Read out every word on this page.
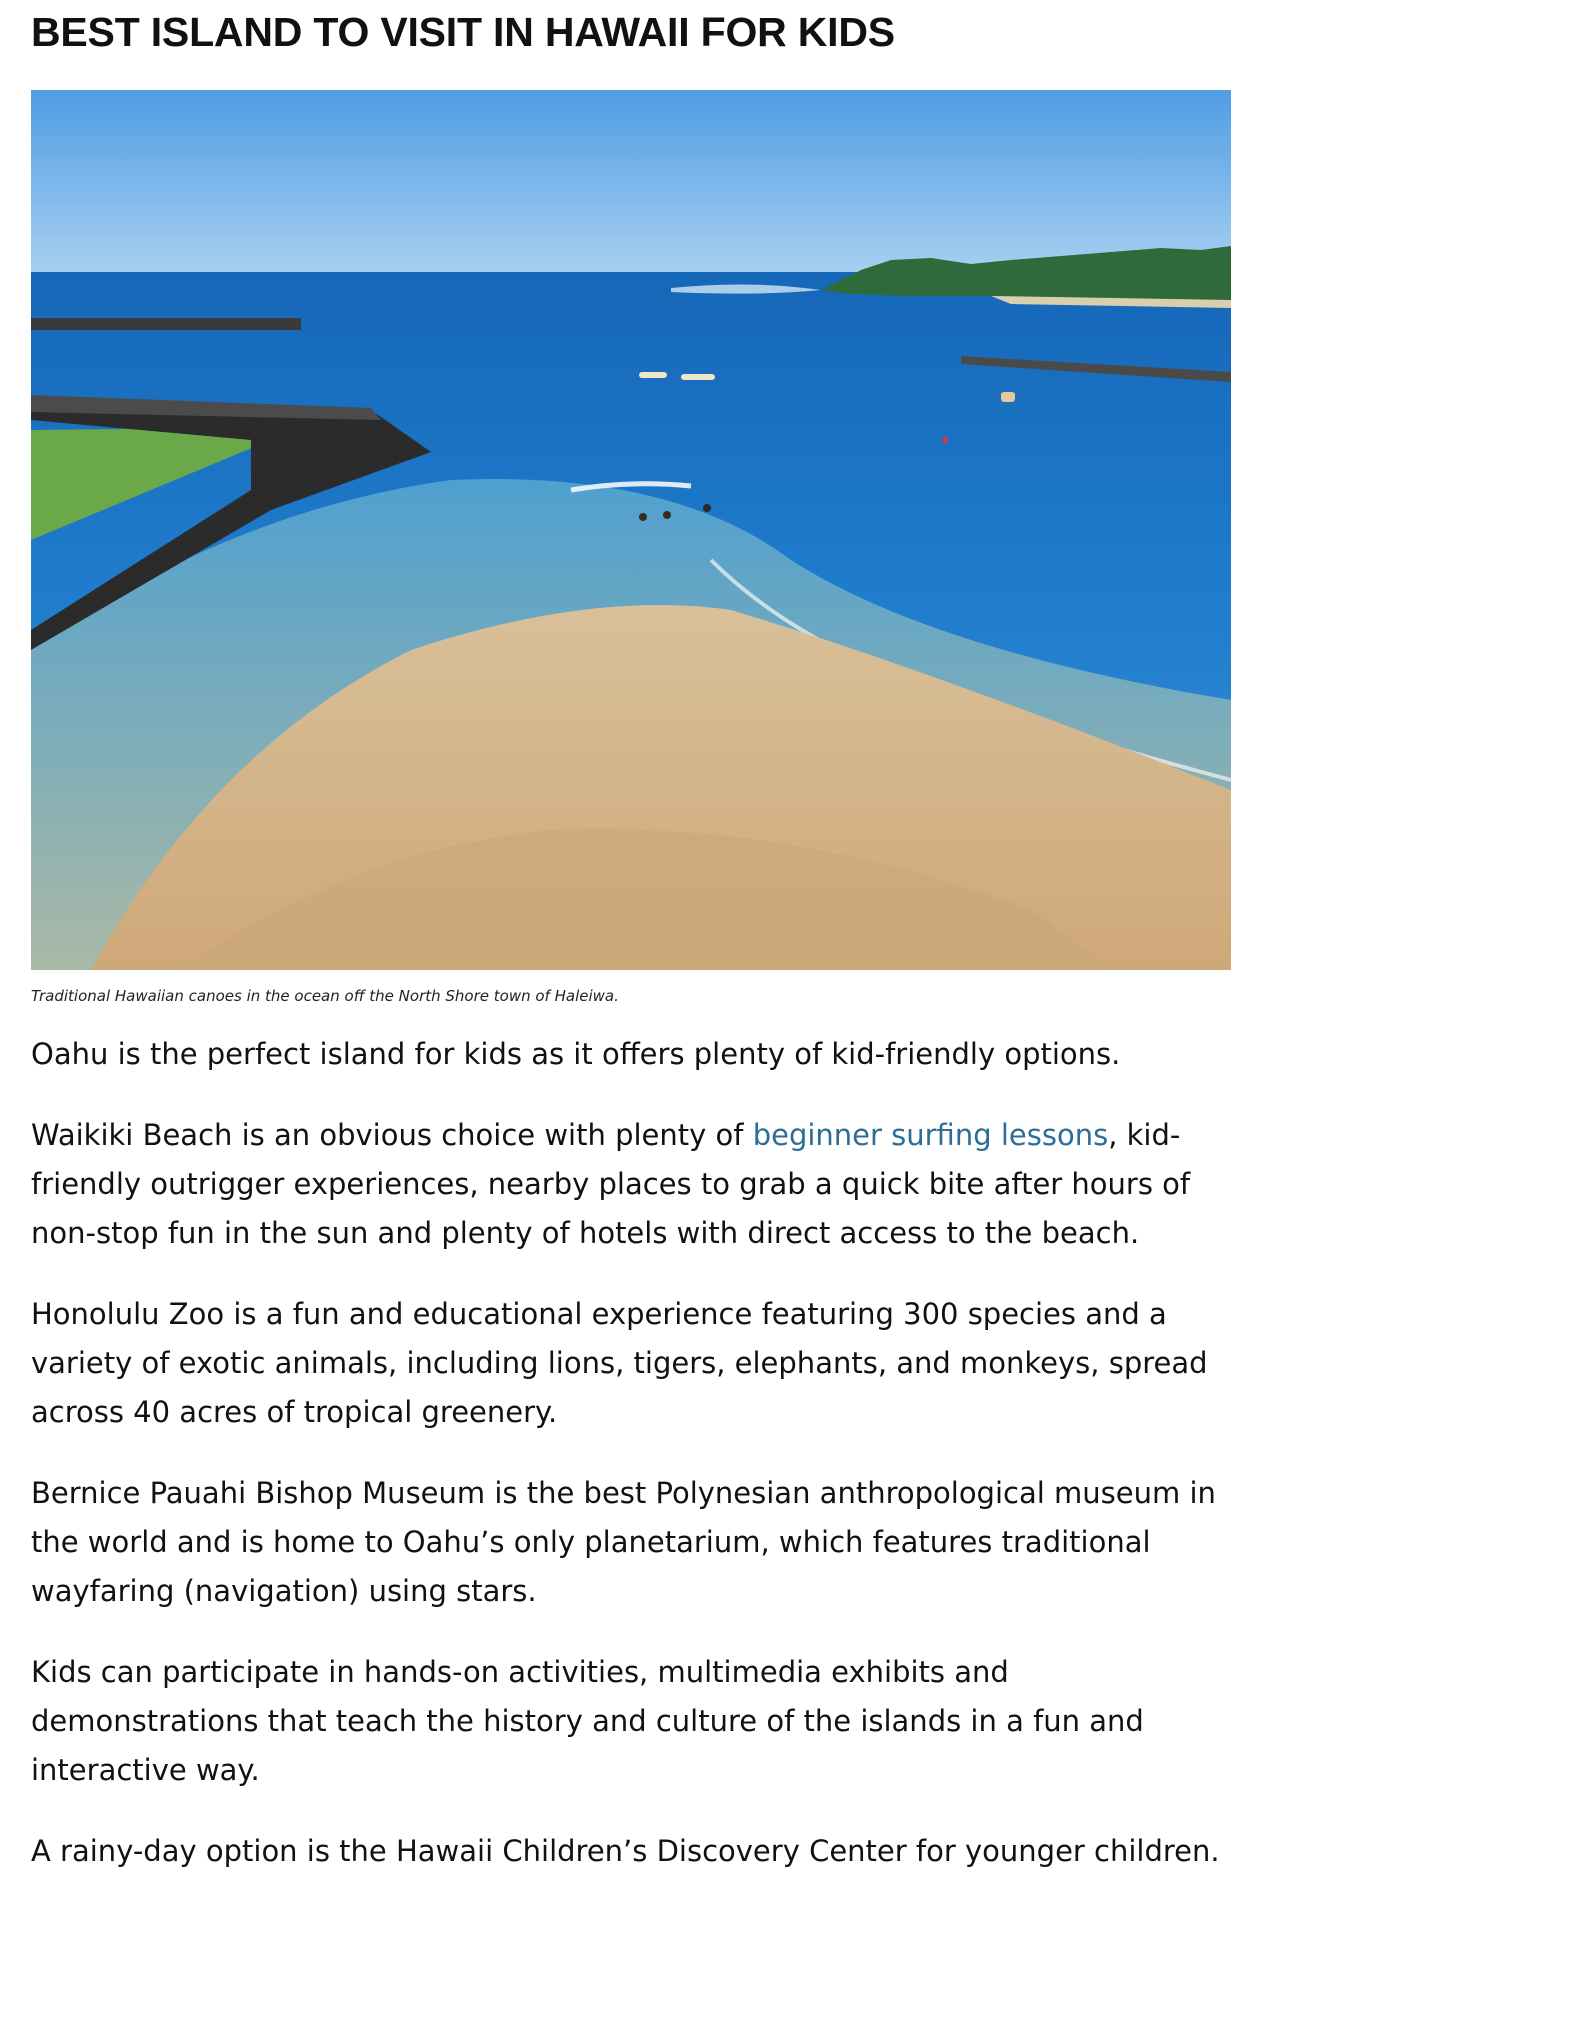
BEST ISLAND TO VISIT IN HAWAII FOR KIDS
Traditional Hawaiian canoes in the ocean off the North Shore town of Haleiwa.

Oahu is the perfect island for kids as it offers plenty of kid-friendly options.

Waikiki Beach is an obvious choice with plenty of beginner surfing lessons, kid-friendly outrigger experiences, nearby places to grab a quick bite after hours of non-stop fun in the sun and plenty of hotels with direct access to the beach.

Honolulu Zoo is a fun and educational experience featuring 300 species and a variety of exotic animals, including lions, tigers, elephants, and monkeys, spread across 40 acres of tropical greenery.

Bernice Pauahi Bishop Museum is the best Polynesian anthropological museum in the world and is home to Oahu’s only planetarium, which features traditional wayfaring (navigation) using stars.

Kids can participate in hands-on activities, multimedia exhibits and demonstrations that teach the history and culture of the islands in a fun and interactive way.

A rainy-day option is the Hawaii Children’s Discovery Center for younger children.
